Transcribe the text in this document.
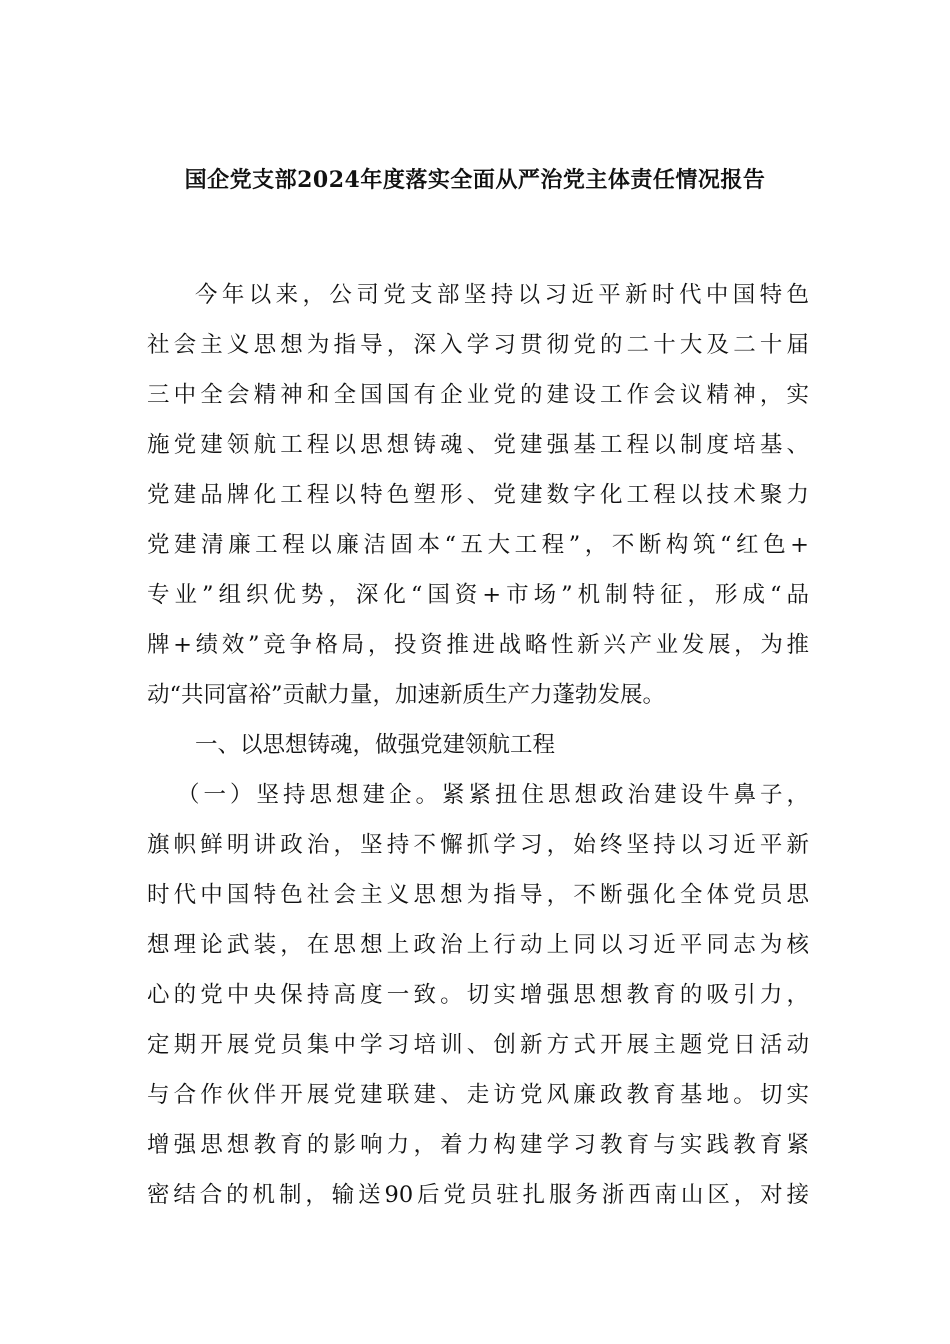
国企党支部2024年度落实全面从严治党主体责任情况报告
今年以来，公司党支部坚持以习近平新时代中国特色
社会主义思想为指导，深入学习贯彻党的二十大及二十届
三中全会精神和全国国有企业党的建设工作会议精神，实
施党建领航工程以思想铸魂、党建强基工程以制度培基、
党建品牌化工程以特色塑形、党建数字化工程以技术聚力
党建清廉工程以廉洁固本“五大工程”，不断构筑“红色+
专业”组织优势，深化“国资+市场”机制特征，形成“品
牌+绩效”竞争格局，投资推进战略性新兴产业发展，为推
动“共同富裕”贡献力量，加速新质生产力蓬勃发展。
一、以思想铸魂，做强党建领航工程
（一）坚持思想建企。紧紧扭住思想政治建设牛鼻子，
旗帜鲜明讲政治，坚持不懈抓学习，始终坚持以习近平新
时代中国特色社会主义思想为指导，不断强化全体党员思
想理论武装，在思想上政治上行动上同以习近平同志为核
心的党中央保持高度一致。切实增强思想教育的吸引力，
定期开展党员集中学习培训、创新方式开展主题党日活动
与合作伙伴开展党建联建、走访党风廉政教育基地。切实
增强思想教育的影响力，着力构建学习教育与实践教育紧
密结合的机制，输送90后党员驻扎服务浙西南山区，对接
